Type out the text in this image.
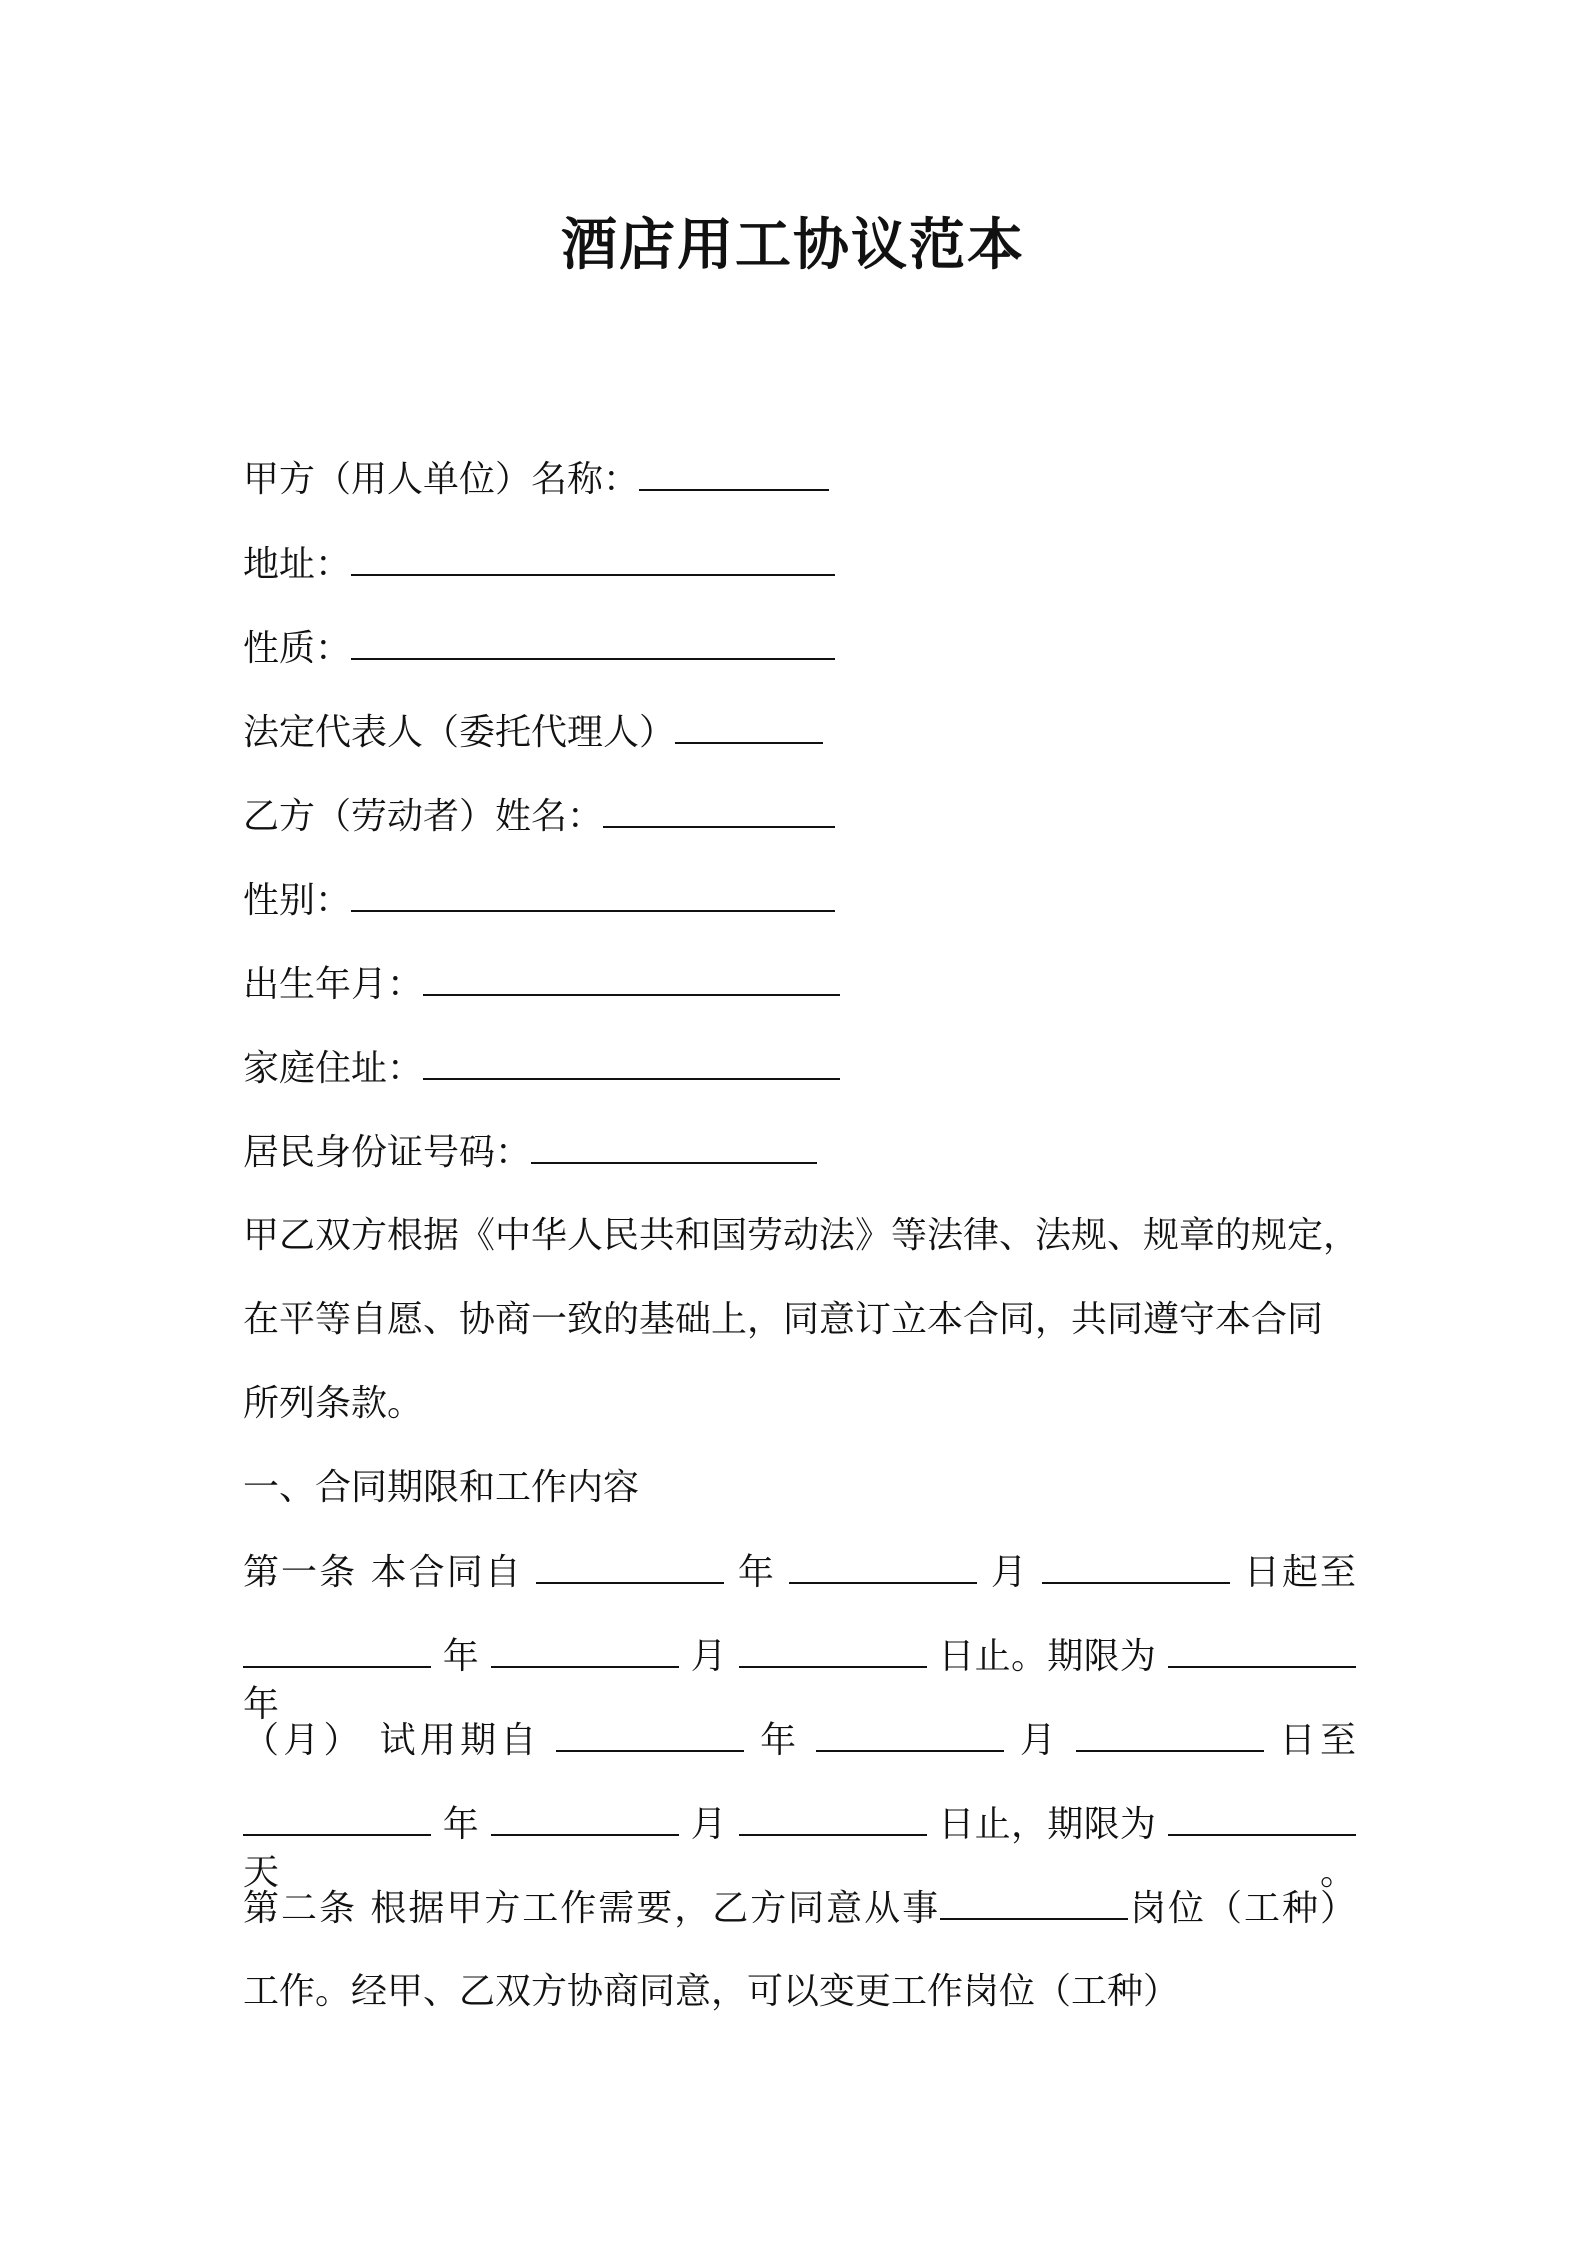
酒店用工协议范本
甲方（用人单位）名称：
地址：
性质：
法定代表人（委托代理人）
乙方（劳动者）姓名：
性别：
出生年月：
家庭住址：
居民身份证号码：
甲乙双方根据《中华人民共和国劳动法》等法律、法规、规章的规定，
在平等自愿、协商一致的基础上，同意订立本合同，共同遵守本合同
所列条款。
一、合同期限和工作内容
第一条 本合同自	年	月	日起至
年	月	日止。期限为  年
（月） 试用期自	年	月	日至
年	月	日止，期限为  天。
第二条 根据甲方工作需要，乙方同意从事	岗位（工种）
工作。经甲、乙双方协商同意，可以变更工作岗位（工种）
